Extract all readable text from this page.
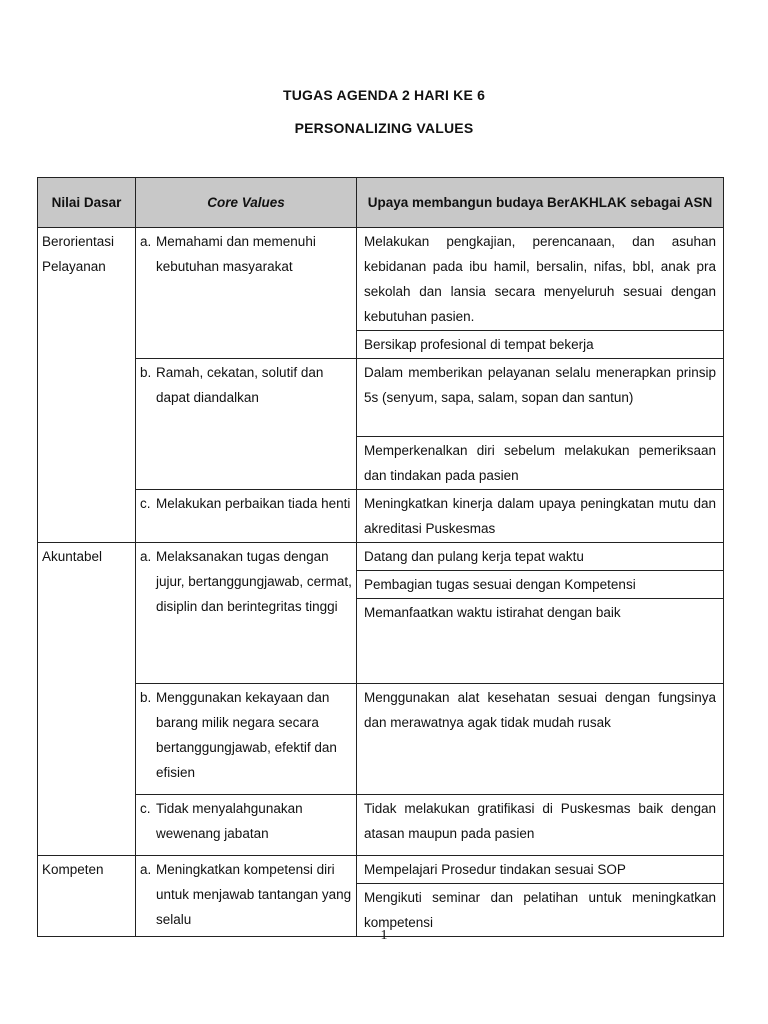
TUGAS AGENDA 2 HARI KE 6
PERSONALIZING VALUES
Nilai Dasar	Core Values	Upaya membangun budaya BerAKHLAK sebagai ASN
Berorientasi Pelayanan	a. Memahami dan memenuhi kebutuhan masyarakat	Melakukan pengkajian, perencanaan, dan asuhan kebidanan pada ibu hamil, bersalin, nifas, bbl, anak pra sekolah dan lansia secara menyeluruh sesuai dengan kebutuhan pasien.
		Bersikap profesional di tempat bekerja

	b. Ramah, cekatan, solutif dan dapat diandalkan	Dalam memberikan pelayanan selalu menerapkan prinsip 5s (senyum, sapa, salam, sopan dan santun)
		Memperkenalkan diri sebelum melakukan pemeriksaan dan tindakan pada pasien

	c. Melakukan perbaikan tiada henti	Meningkatkan kinerja dalam upaya peningkatan mutu dan akreditasi Puskesmas
Akuntabel	a. Melaksanakan tugas dengan jujur, bertanggungjawab, cermat, disiplin dan berintegritas tinggi	Datang dan pulang kerja tepat waktu
		Pembagian tugas sesuai dengan Kompetensi
		Memanfaatkan waktu istirahat dengan baik

	b. Menggunakan kekayaan dan barang milik negara secara bertanggungjawab, efektif dan efisien	Menggunakan alat kesehatan sesuai dengan fungsinya dan merawatnya agak tidak mudah rusak

	c. Tidak menyalahgunakan wewenang jabatan	Tidak melakukan gratifikasi di Puskesmas baik dengan atasan maupun pada pasien
Kompeten	a. Meningkatkan kompetensi diri untuk menjawab tantangan yang selalu	Mempelajari Prosedur tindakan sesuai SOP
		Mengikuti seminar dan pelatihan untuk meningkatkan kompetensi
1
